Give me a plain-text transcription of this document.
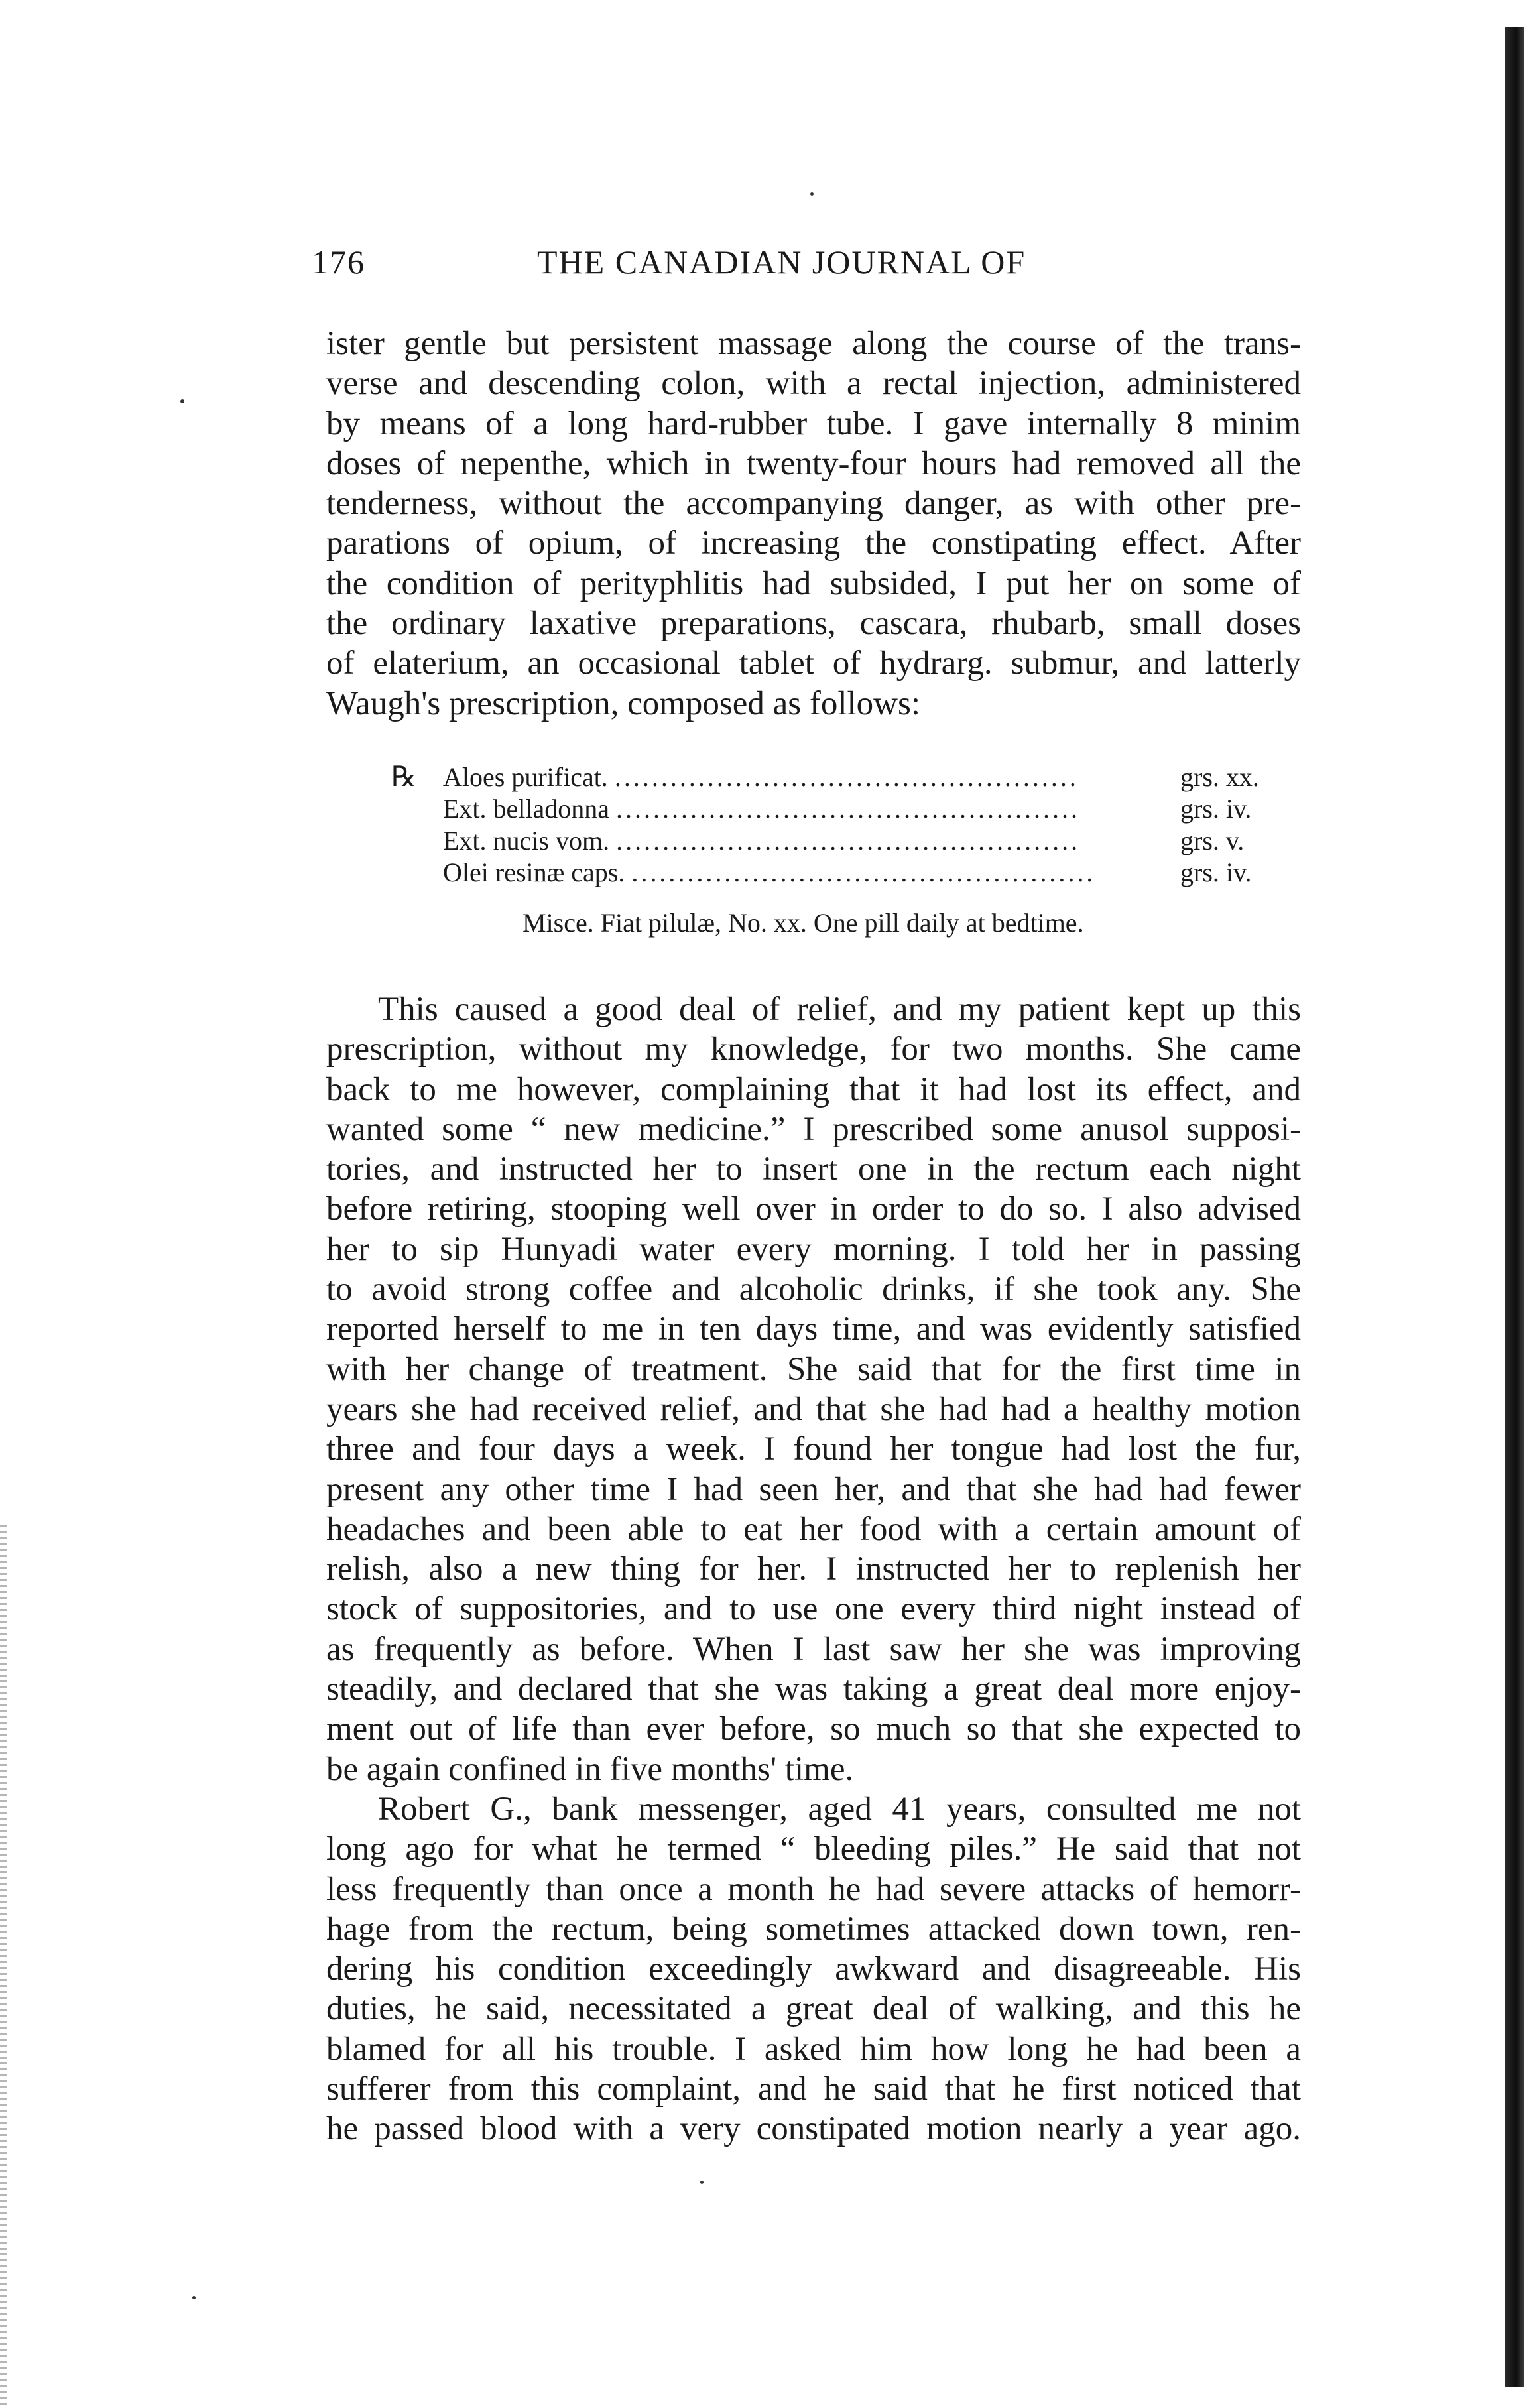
176	THE CANADIAN JOURNAL OF

ister gentle but persistent massage along the course of the trans-
verse and descending colon, with a rectal injection, administered
by means of a long hard-rubber tube. I gave internally 8 minim
doses of nepenthe, which in twenty-four hours had removed all the
tenderness, without the accompanying danger, as with other pre-
parations of opium, of increasing the constipating effect. After
the condition of perityphlitis had subsided, I put her on some of
the ordinary laxative preparations, cascara, rhubarb, small doses
of elaterium, an occasional tablet of hydrarg. submur, and latterly
Waugh's prescription, composed as follows:

℞	Aloes purificat. ..................................................	grs. xx.
Ext. belladonna ..................................................	grs. iv.
Ext. nucis vom. ..................................................	grs. v.
Olei resinæ caps. ..................................................	grs. iv.
Misce. Fiat pilulæ, No. xx. One pill daily at bedtime.

This caused a good deal of relief, and my patient kept up this
prescription, without my knowledge, for two months. She came
back to me however, complaining that it had lost its effect, and
wanted some “ new medicine.” I prescribed some anusol supposi-
tories, and instructed her to insert one in the rectum each night
before retiring, stooping well over in order to do so. I also advised
her to sip Hunyadi water every morning. I told her in passing
to avoid strong coffee and alcoholic drinks, if she took any. She
reported herself to me in ten days time, and was evidently satisfied
with her change of treatment. She said that for the first time in
years she had received relief, and that she had had a healthy motion
three and four days a week. I found her tongue had lost the fur,
present any other time I had seen her, and that she had had fewer
headaches and been able to eat her food with a certain amount of
relish, also a new thing for her. I instructed her to replenish her
stock of suppositories, and to use one every third night instead of
as frequently as before. When I last saw her she was improving
steadily, and declared that she was taking a great deal more enjoy-
ment out of life than ever before, so much so that she expected to
be again confined in five months' time.

Robert G., bank messenger, aged 41 years, consulted me not
long ago for what he termed “ bleeding piles.” He said that not
less frequently than once a month he had severe attacks of hemorr-
hage from the rectum, being sometimes attacked down town, ren-
dering his condition exceedingly awkward and disagreeable. His
duties, he said, necessitated a great deal of walking, and this he
blamed for all his trouble. I asked him how long he had been a
sufferer from this complaint, and he said that he first noticed that
he passed blood with a very constipated motion nearly a year ago.
